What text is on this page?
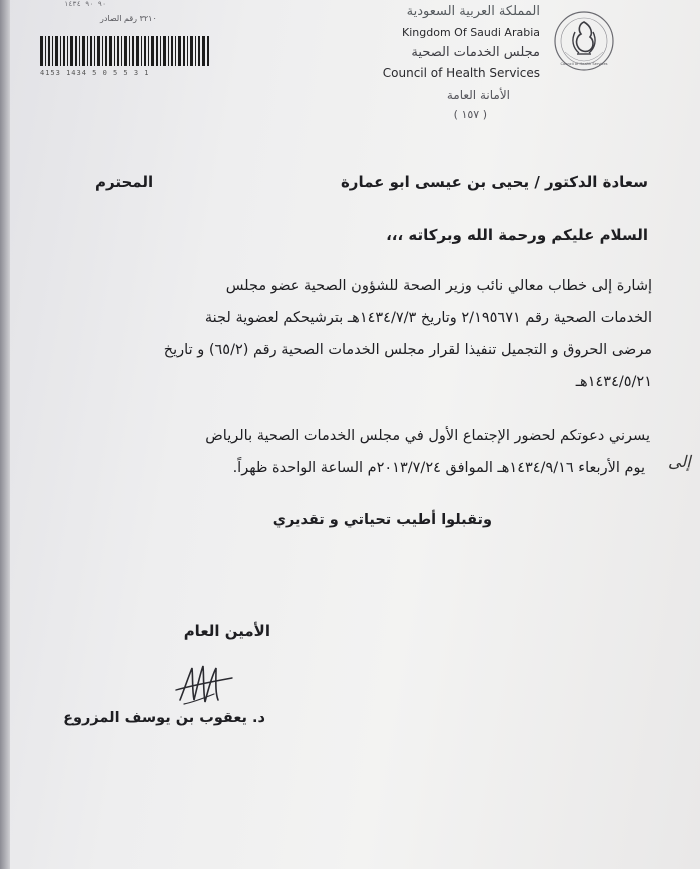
٩٠ ٩٠ ١٤٣٤
٣٢١٠ رقم الصادر
4153 1434 5 0 5 5 3 1
المملكة العربية السعودية
Kingdom Of Saudi Arabia
مجلس الخدمات الصحية
Council of Health Services
الأمانة العامة
( ١٥٧ )
Council of Health Services
سعادة الدكتور / يحيى بن عيسى ابو عمارة
المحترم
السلام عليكم ورحمة الله وبركاته ،،،
إشارة إلى خطاب معالي نائب وزير الصحة للشؤون الصحية عضو مجلس
الخدمات الصحية رقم ٢/١٩٥٦٧١ وتاريخ ١٤٣٤/٧/٣هـ بترشيحكم لعضوية لجنة
مرضى الحروق و التجميل تنفيذا لقرار مجلس الخدمات الصحية رقم (٦٥/٢) و تاريخ
١٤٣٤/٥/٢١هـ
يسرني دعوتكم لحضور الإجتماع الأول في مجلس الخدمات الصحية بالرياض
يوم الأربعاء ١٤٣٤/٩/١٦هـ الموافق ٢٠١٣/٧/٢٤م الساعة الواحدة ظهراً. إلى
وتقبلوا أطيب تحياتي و تقديري
الأمين العام
د. يعقوب بن يوسف المزروع
